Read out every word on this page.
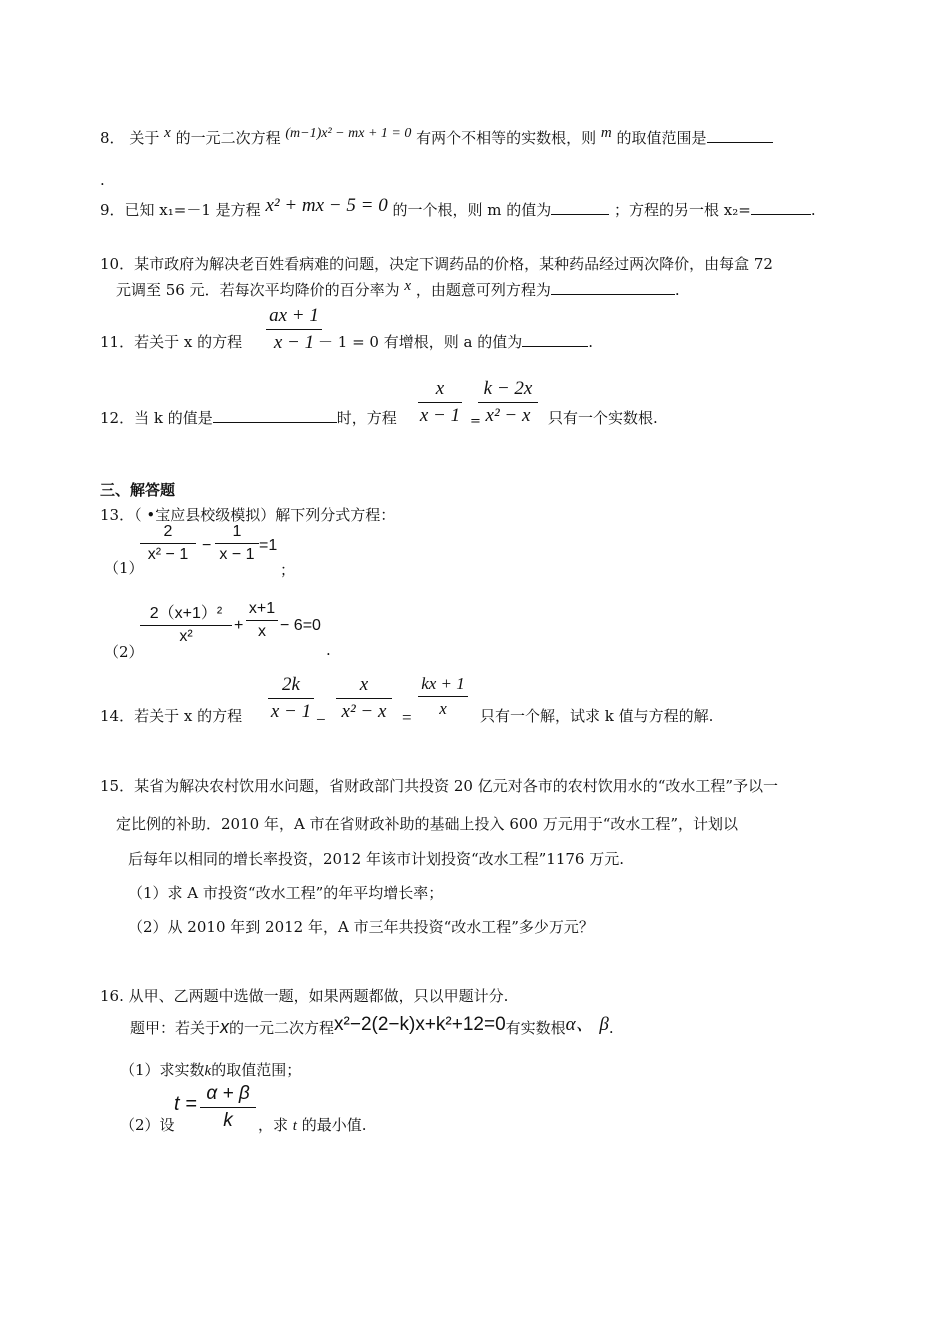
8． 关于 x 的一元二次方程 (m−1)x² − mx + 1 = 0 有两个不相等的实数根，则 m 的取值范围是
.
9．已知 x₁=－1 是方程 x² + mx − 5 = 0 的一个根，则 m 的值为	；方程的另一根 x₂=	.
10．某市政府为解决老百姓看病难的问题，决定下调药品的价格，某种药品经过两次降价，由每盒 72
元调至 56 元．若每次平均降价的百分率为 x ，由题意可列方程为	.
11．若关于 x 的方程
ax + 1
x − 1 － 1 = 0 有增根，则 a 的值为	.
12．当 k 的值是	时，方程
x
x − 1 =
k − 2x
x² − x	只有一个实数根.
三、解答题
13．（ •宝应县校级模拟）解下列分式方程：
（1）
2
x² − 1
−
1
x − 1
=1
；
（2）
2（x+1）²
x²
+
x+1
x − 6=0
.
14．若关于 x 的方程
2k
x − 1 −
x
x² − x =
kx + 1
x	只有一个解，试求 k 值与方程的解.
15．某省为解决农村饮用水问题，省财政部门共投资 20 亿元对各市的农村饮用水的“改水工程”予以一
定比例的补助．2010 年，A 市在省财政补助的基础上投入 600 万元用于“改水工程”，计划以
后每年以相同的增长率投资，2012 年该市计划投资“改水工程”1176 万元.
（1）求 A 市投资“改水工程”的年平均增长率；
（2）从 2010 年到 2012 年，A 市三年共投资“改水工程”多少万元？
16. 从甲、乙两题中选做一题，如果两题都做，只以甲题计分.
题甲：若关于x的一元二次方程x²−2(2−k)x+k²+12=0有实数根α、 β.
（1）求实数k的取值范围；
（2）设
t = α + β
k	，求 t 的最小值.
